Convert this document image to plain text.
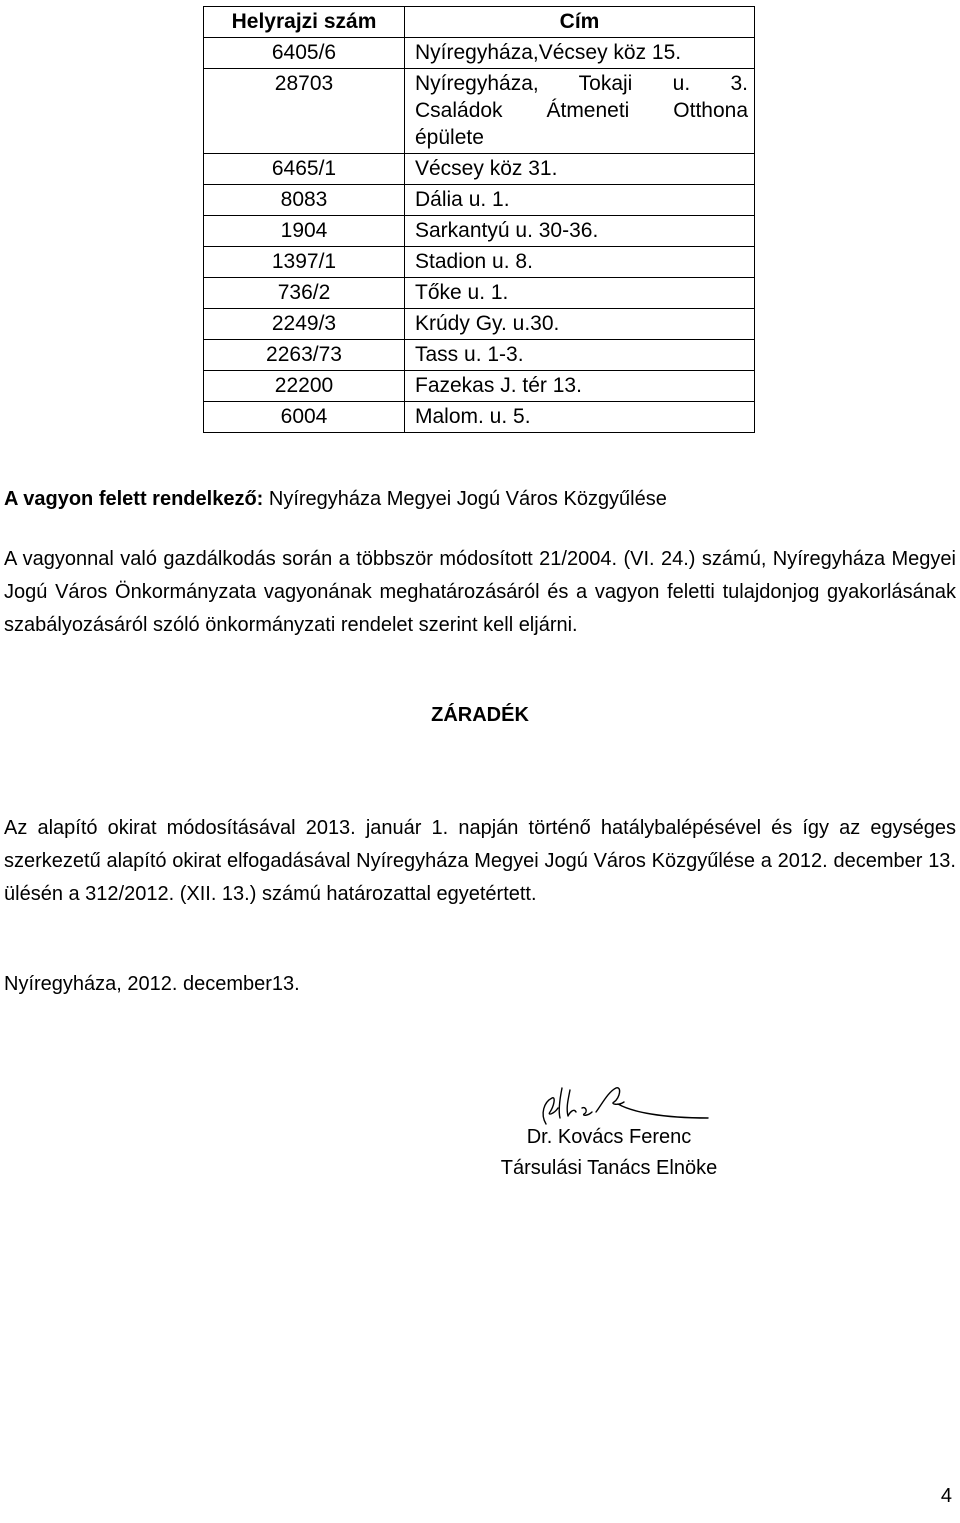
Helyrajzi szám	Cím
6405/6	Nyíregyháza,Vécsey köz 15.
28703	Nyíregyháza, Tokaji u. 3.
Családok Átmeneti Otthona
épülete
6465/1	Vécsey köz 31.
8083	Dália u. 1.
1904	Sarkantyú u. 30-36.
1397/1	Stadion u. 8.
736/2	Tőke u. 1.
2249/3	Krúdy Gy. u.30.
2263/73	Tass u. 1-3.
22200	Fazekas J. tér 13.
6004	Malom. u. 5.
A vagyon felett rendelkező: Nyíregyháza Megyei Jogú Város Közgyűlése
A vagyonnal való gazdálkodás során a többször módosított 21/2004. (VI. 24.) számú, Nyíregyháza Megyei Jogú Város Önkormányzata vagyonának meghatározásáról és a vagyon feletti tulajdonjog gyakorlásának szabályozásáról szóló önkormányzati rendelet szerint kell eljárni.
ZÁRADÉK
Az alapító okirat módosításával 2013. január 1. napján történő hatálybalépésével és így az egységes szerkezetű alapító okirat elfogadásával Nyíregyháza Megyei Jogú Város Közgyűlése a 2012. december 13. ülésén a 312/2012. (XII. 13.) számú határozattal egyetértett.
Nyíregyháza, 2012. december13.
Dr. Kovács Ferenc
Társulási Tanács Elnöke
4
